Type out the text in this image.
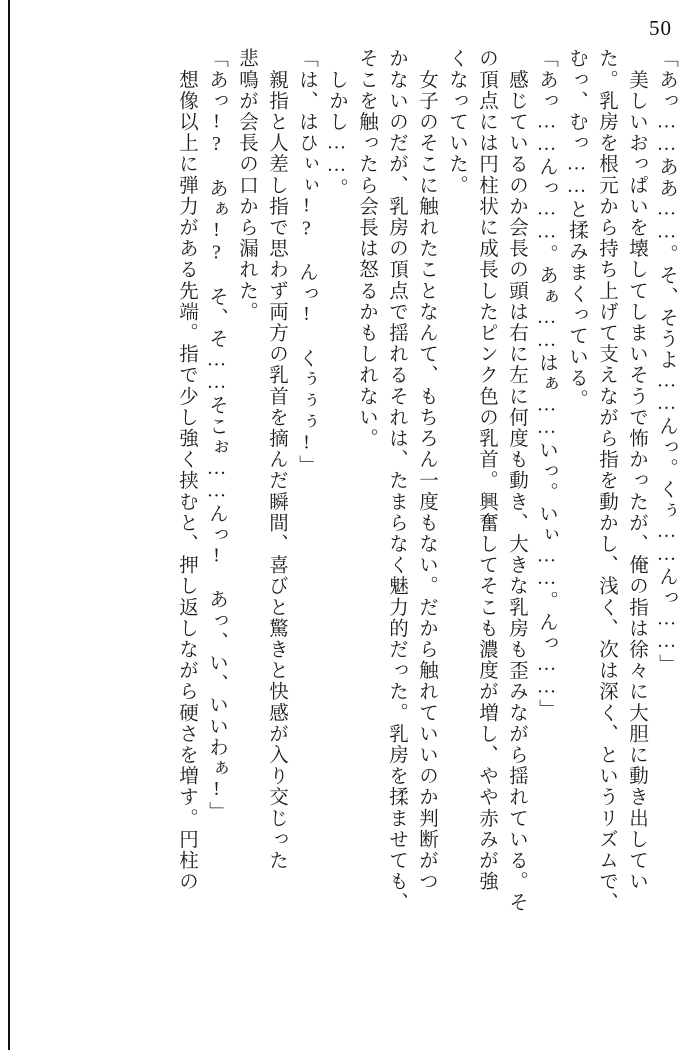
50
「あっ……ああ……。そ、そうよ……んっ。くぅ……んっ……」
　美しいおっぱいを壊してしまいそうで怖かったが、俺の指は徐々に大胆に動き出してい
た。乳房を根元から持ち上げて支えながら指を動かし、浅く、次は深く、というリズムで、
むっ、むっ……と揉みまくっている。
「あっ……んっ……。あぁ……はぁ……いっ。いぃ……。んっ……」
　感じているのか会長の頭は右に左に何度も動き、大きな乳房も歪みながら揺れている。そ
の頂点には円柱状に成長したピンク色の乳首。興奮してそこも濃度が増し、やや赤みが強
くなっていた。
　女子のそこに触れたことなんて、もちろん一度もない。だから触れていいのか判断がつ
かないのだが、乳房の頂点で揺れるそれは、たまらなく魅力的だった。乳房を揉ませても、
そこを触ったら会長は怒るかもしれない。
　しかし……。
「は、はひぃぃ!?　んっ!　くぅぅぅ!」
　親指と人差し指で思わず両方の乳首を摘んだ瞬間、喜びと驚きと快感が入り交じった
悲鳴が会長の口から漏れた。
「あっ!?　あぁ!?　そ、そ……そこぉ……んっ!　あっ、い、いいわぁ!」
　想像以上に弾力がある先端。指で少し強く挟むと、押し返しながら硬さを増す。円柱の
